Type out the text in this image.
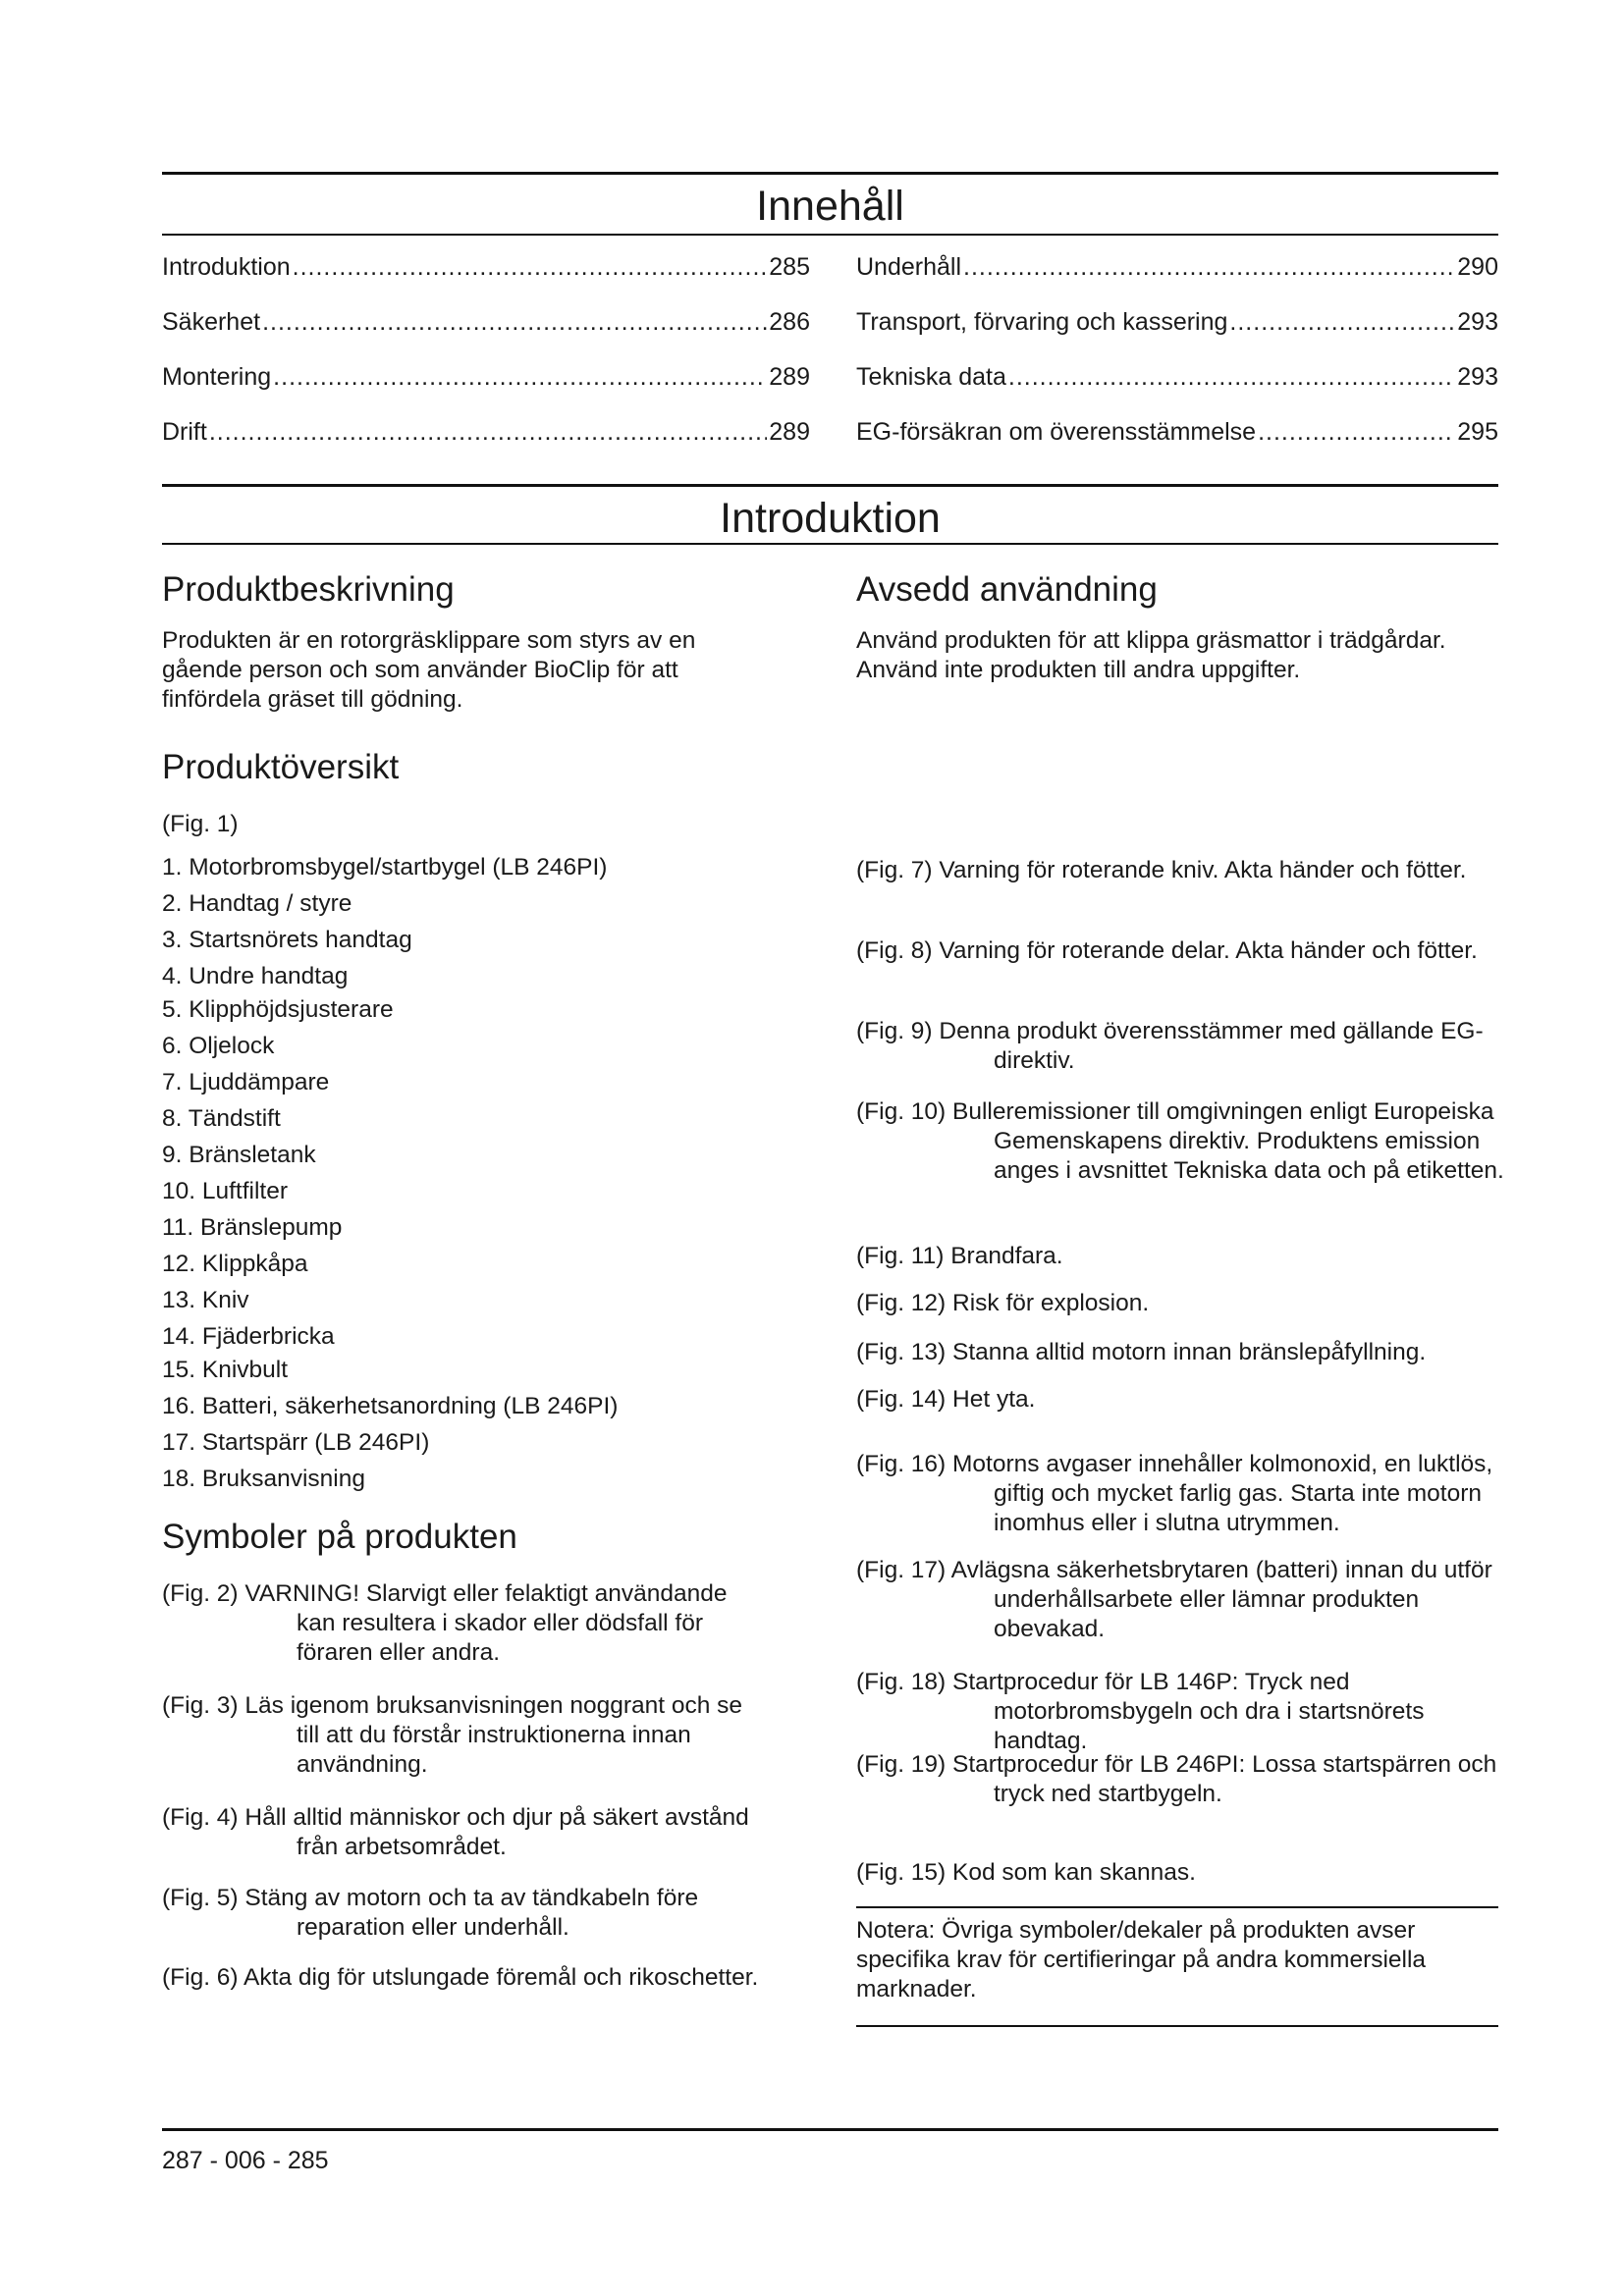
Innehåll
Introduktion .....	285
Säkerhet .....	286
Montering .....	289
Drift .....	289
Underhåll .....	290
Transport, förvaring och kassering .....	293
Tekniska data .....	293
EG-försäkran om överensstämmelse .....	295
Introduktion
Produktbeskrivning
Produkten är en rotorgräsklippare som styrs av en
gående person och som använder BioClip för att
finfördela gräset till gödning.
Avsedd användning
Använd produkten för att klippa gräsmattor i trädgårdar.
Använd inte produkten till andra uppgifter.
Produktöversikt
(Fig. 1)
1. Motorbromsbygel/startbygel (LB 246PI)
2. Handtag / styre
3. Startsnörets handtag
4. Undre handtag
5. Klipphöjdsjusterare
6. Oljelock
7. Ljuddämpare
8. Tändstift
9. Bränsletank
10. Luftfilter
11. Bränslepump
12. Klippkåpa
13. Kniv
14. Fjäderbricka
15. Knivbult
16. Batteri, säkerhetsanordning (LB 246PI)
17. Startspärr (LB 246PI)
18. Bruksanvisning
Symboler på produkten
(Fig. 2) VARNING! Slarvigt eller felaktigt användande kan resultera i skador eller dödsfall för föraren eller andra.
(Fig. 3) Läs igenom bruksanvisningen noggrant och se till att du förstår instruktionerna innan användning.
(Fig. 4) Håll alltid människor och djur på säkert avstånd från arbetsområdet.
(Fig. 5) Stäng av motorn och ta av tändkabeln före reparation eller underhåll.
(Fig. 6) Akta dig för utslungade föremål och rikoschetter.
(Fig. 7) Varning för roterande kniv. Akta händer och fötter.
(Fig. 8) Varning för roterande delar. Akta händer och fötter.
(Fig. 9) Denna produkt överensstämmer med gällande EG-direktiv.
(Fig. 10) Bulleremissioner till omgivningen enligt Europeiska Gemenskapens direktiv. Produktens emission anges i avsnittet Tekniska data och på etiketten.
(Fig. 11) Brandfara.
(Fig. 12) Risk för explosion.
(Fig. 13) Stanna alltid motorn innan bränslepåfyllning.
(Fig. 14) Het yta.
(Fig. 16) Motorns avgaser innehåller kolmonoxid, en luktlös, giftig och mycket farlig gas. Starta inte motorn inomhus eller i slutna utrymmen.
(Fig. 17) Avlägsna säkerhetsbrytaren (batteri) innan du utför underhållsarbete eller lämnar produkten obevakad.
(Fig. 18) Startprocedur för LB 146P: Tryck ned motorbromsbygeln och dra i startsnörets handtag.
(Fig. 19) Startprocedur för LB 246PI: Lossa startspärren och tryck ned startbygeln.
(Fig. 15) Kod som kan skannas.
Notera: Övriga symboler/dekaler på produkten avser specifika krav för certifieringar på andra kommersiella marknader.
287 - 006 - 285
